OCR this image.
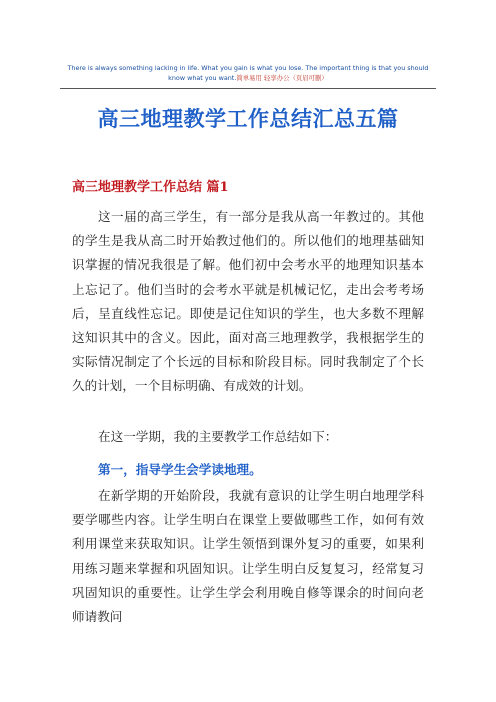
There is always something lacking in life. What you gain is what you lose. The important thing is that you should
know what you want.简单易用 轻享办公（页眉可删）
高三地理教学工作总结汇总五篇
高三地理教学工作总结 篇1

这一届的高三学生，有一部分是我从高一年教过的。其他的学生是我从高二时开始教过他们的。所以他们的地理基础知识掌握的情况我很是了解。他们初中会考水平的地理知识基本上忘记了。他们当时的会考水平就是机械记忆，走出会考考场后，呈直线性忘记。即使是记住知识的学生，也大多数不理解这知识其中的含义。因此，面对高三地理教学，我根据学生的实际情况制定了个长远的目标和阶段目标。同时我制定了个长久的计划，一个目标明确、有成效的计划。

在这一学期，我的主要教学工作总结如下：

第一，指导学生会学读地理。

在新学期的开始阶段，我就有意识的让学生明白地理学科要学哪些内容。让学生明白在课堂上要做哪些工作，如何有效利用课堂来获取知识。让学生领悟到课外复习的重要，如果利用练习题来掌握和巩固知识。让学生明白反复复习，经常复习巩固知识的重要性。让学生学会利用晚自修等课余的时间向老师请教问
